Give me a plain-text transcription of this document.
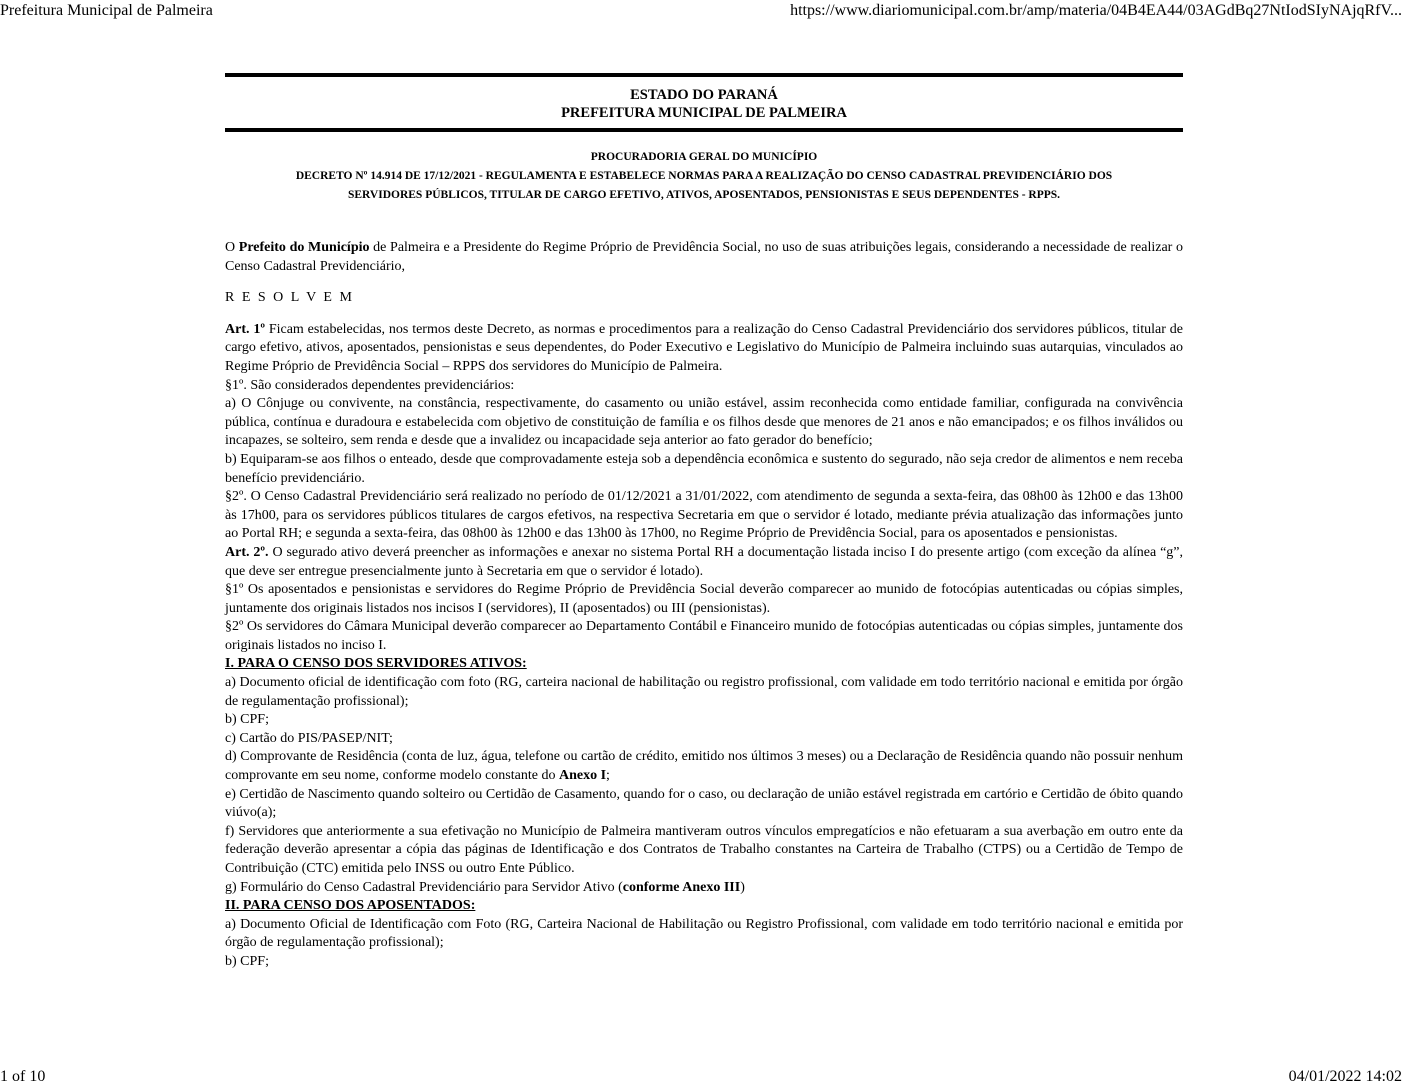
Prefeitura Municipal de Palmeira	https://www.diariomunicipal.com.br/amp/materia/04B4EA44/03AGdBq27NtIodSIyNAjqRfV...
ESTADO DO PARANÁ
PREFEITURA MUNICIPAL DE PALMEIRA
PROCURADORIA GERAL DO MUNICÍPIO
DECRETO Nº 14.914 DE 17/12/2021 - REGULAMENTA E ESTABELECE NORMAS PARA A REALIZAÇÃO DO CENSO CADASTRAL PREVIDENCIÁRIO DOS
SERVIDORES PÚBLICOS, TITULAR DE CARGO EFETIVO, ATIVOS, APOSENTADOS, PENSIONISTAS E SEUS DEPENDENTES - RPPS.

O Prefeito do Município de Palmeira e a Presidente do Regime Próprio de Previdência Social, no uso de suas atribuições legais, considerando a necessidade de realizar o Censo Cadastral Previdenciário,

R E S O L V E M

Art. 1º Ficam estabelecidas, nos termos deste Decreto, as normas e procedimentos para a realização do Censo Cadastral Previdenciário dos servidores públicos, titular de cargo efetivo, ativos, aposentados, pensionistas e seus dependentes, do Poder Executivo e Legislativo do Município de Palmeira incluindo suas autarquias, vinculados ao Regime Próprio de Previdência Social – RPPS dos servidores do Município de Palmeira.

§1º. São considerados dependentes previdenciários:

a) O Cônjuge ou convivente, na constância, respectivamente, do casamento ou união estável, assim reconhecida como entidade familiar, configurada na convivência pública, contínua e duradoura e estabelecida com objetivo de constituição de família e os filhos desde que menores de 21 anos e não emancipados; e os filhos inválidos ou incapazes, se solteiro, sem renda e desde que a invalidez ou incapacidade seja anterior ao fato gerador do benefício;

b) Equiparam-se aos filhos o enteado, desde que comprovadamente esteja sob a dependência econômica e sustento do segurado, não seja credor de alimentos e nem receba benefício previdenciário.

§2º. O Censo Cadastral Previdenciário será realizado no período de 01/12/2021 a 31/01/2022, com atendimento de segunda a sexta-feira, das 08h00 às 12h00 e das 13h00 às 17h00, para os servidores públicos titulares de cargos efetivos, na respectiva Secretaria em que o servidor é lotado, mediante prévia atualização das informações junto ao Portal RH; e segunda a sexta-feira, das 08h00 às 12h00 e das 13h00 às 17h00, no Regime Próprio de Previdência Social, para os aposentados e pensionistas.

Art. 2º. O segurado ativo deverá preencher as informações e anexar no sistema Portal RH a documentação listada inciso I do presente artigo (com exceção da alínea “g”, que deve ser entregue presencialmente junto à Secretaria em que o servidor é lotado).

§1º Os aposentados e pensionistas e servidores do Regime Próprio de Previdência Social deverão comparecer ao munido de fotocópias autenticadas ou cópias simples, juntamente dos originais listados nos incisos I (servidores), II (aposentados) ou III (pensionistas).

§2º Os servidores do Câmara Municipal deverão comparecer ao Departamento Contábil e Financeiro munido de fotocópias autenticadas ou cópias simples, juntamente dos originais listados no inciso I.

I. PARA O CENSO DOS SERVIDORES ATIVOS:

a) Documento oficial de identificação com foto (RG, carteira nacional de habilitação ou registro profissional, com validade em todo território nacional e emitida por órgão de regulamentação profissional);

b) CPF;

c) Cartão do PIS/PASEP/NIT;

d) Comprovante de Residência (conta de luz, água, telefone ou cartão de crédito, emitido nos últimos 3 meses) ou a Declaração de Residência quando não possuir nenhum comprovante em seu nome, conforme modelo constante do Anexo I;

e) Certidão de Nascimento quando solteiro ou Certidão de Casamento, quando for o caso, ou declaração de união estável registrada em cartório e Certidão de óbito quando viúvo(a);

f) Servidores que anteriormente a sua efetivação no Município de Palmeira mantiveram outros vínculos empregatícios e não efetuaram a sua averbação em outro ente da federação deverão apresentar a cópia das páginas de Identificação e dos Contratos de Trabalho constantes na Carteira de Trabalho (CTPS) ou a Certidão de Tempo de Contribuição (CTC) emitida pelo INSS ou outro Ente Público.

g) Formulário do Censo Cadastral Previdenciário para Servidor Ativo (conforme Anexo III)

II. PARA CENSO DOS APOSENTADOS:

a) Documento Oficial de Identificação com Foto (RG, Carteira Nacional de Habilitação ou Registro Profissional, com validade em todo território nacional e emitida por órgão de regulamentação profissional);

b) CPF;

1 of 10	04/01/2022 14:02
